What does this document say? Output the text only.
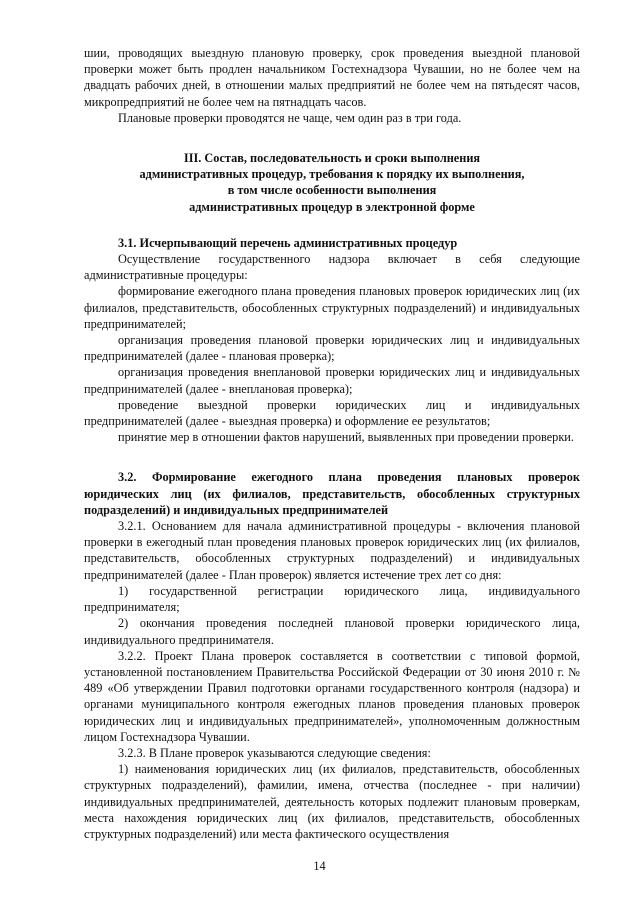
шии, проводящих выездную плановую проверку, срок проведения выездной плановой проверки может быть продлен начальником Гостехнадзора Чувашии, но не более чем на двадцать рабочих дней, в отношении малых предприятий не более чем на пятьдесят часов, микропредприятий не более чем на пятнадцать часов.

Плановые проверки проводятся не чаще, чем один раз в три года.

III. Состав, последовательность и сроки выполнения
административных процедур, требования к порядку их выполнения,
в том числе особенности выполнения
административных процедур в электронной форме

3.1. Исчерпывающий перечень административных процедур

Осуществление государственного надзора включает в себя следующие административные процедуры:

формирование ежегодного плана проведения плановых проверок юридических лиц (их филиалов, представительств, обособленных структурных подразделений) и индивидуальных предпринимателей;

организация проведения плановой проверки юридических лиц и индивидуальных предпринимателей (далее - плановая проверка);

организация проведения внеплановой проверки юридических лиц и индивидуальных предпринимателей (далее - внеплановая проверка);

проведение выездной проверки юридических лиц и индивидуальных предпринимателей (далее - выездная проверка) и оформление ее результатов;

принятие мер в отношении фактов нарушений, выявленных при проведении проверки.

3.2. Формирование ежегодного плана проведения плановых проверок юридических лиц (их филиалов, представительств, обособленных структурных подразделений) и индивидуальных предпринимателей

3.2.1. Основанием для начала административной процедуры - включения плановой проверки в ежегодный план проведения плановых проверок юридических лиц (их филиалов, представительств, обособленных структурных подразделений) и индивидуальных предпринимателей (далее - План проверок) является истечение трех лет со дня:

1) государственной регистрации юридического лица, индивидуального предпринимателя;

2) окончания проведения последней плановой проверки юридического лица, индивидуального предпринимателя.

3.2.2. Проект Плана проверок составляется в соответствии с типовой формой, установленной постановлением Правительства Российской Федерации от 30 июня 2010 г. № 489 «Об утверждении Правил подготовки органами государственного контроля (надзора) и органами муниципального контроля ежегодных планов проведения плановых проверок юридических лиц и индивидуальных предпринимателей», уполномоченным должностным лицом Гостехнадзора Чувашии.

3.2.3. В Плане проверок указываются следующие сведения:

1) наименования юридических лиц (их филиалов, представительств, обособленных структурных подразделений), фамилии, имена, отчества (последнее - при наличии) индивидуальных предпринимателей, деятельность которых подлежит плановым проверкам, места нахождения юридических лиц (их филиалов, представительств, обособленных структурных подразделений) или места фактического осуществления

14
